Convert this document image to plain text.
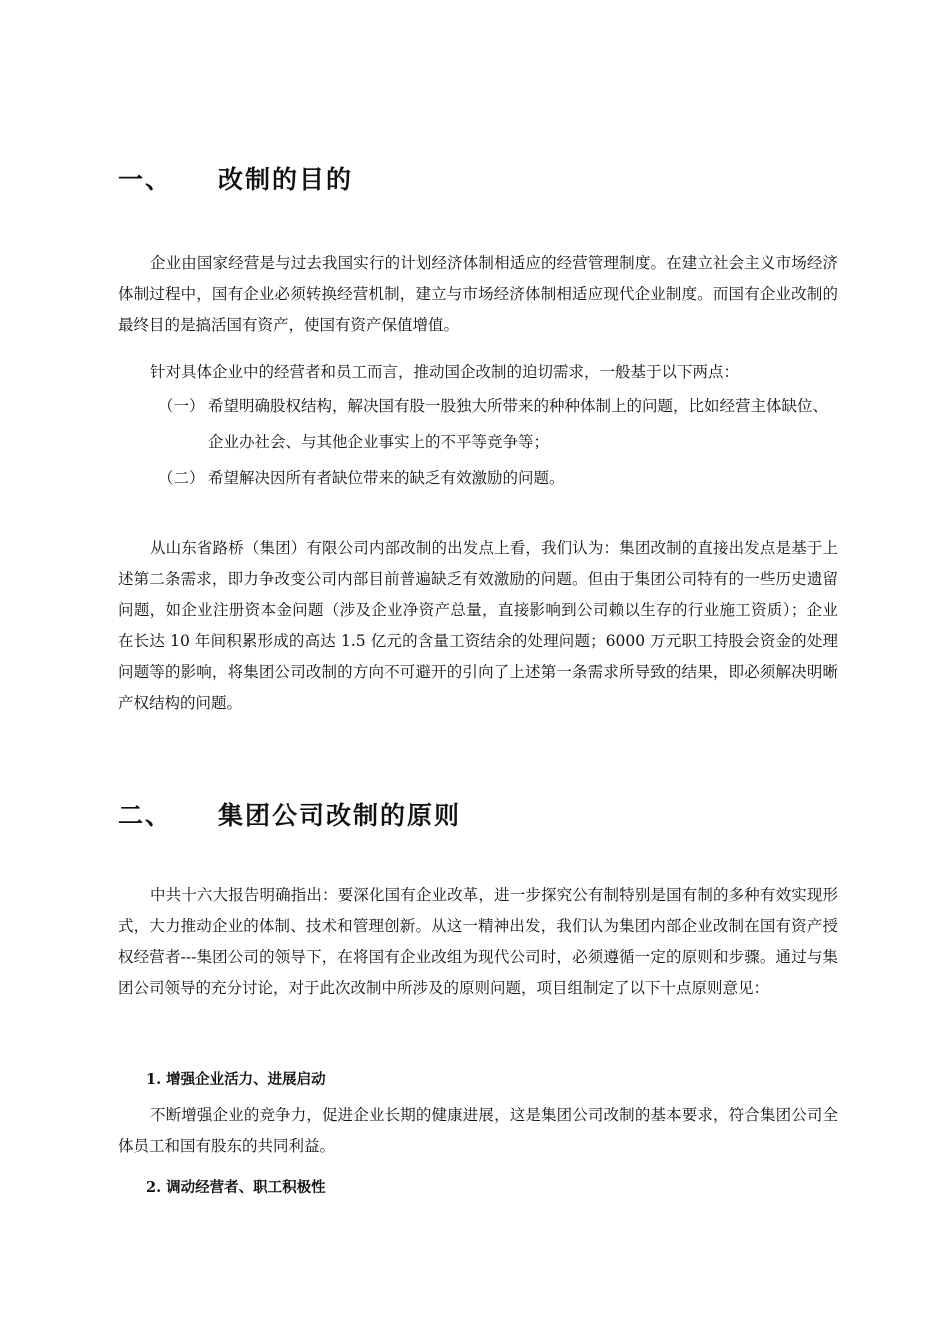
一、 改制的目的

企业由国家经营是与过去我国实行的计划经济体制相适应的经营管理制度。在建立社会主义市场经济体制过程中，国有企业必须转换经营机制，建立与市场经济体制相适应现代企业制度。而国有企业改制的最终目的是搞活国有资产，使国有资产保值增值。

针对具体企业中的经营者和员工而言，推动国企改制的迫切需求，一般基于以下两点：

（一） 希望明确股权结构，解决国有股一股独大所带来的种种体制上的问题，比如经营主体缺位、企业办社会、与其他企业事实上的不平等竞争等；
（二） 希望解决因所有者缺位带来的缺乏有效激励的问题。

从山东省路桥（集团）有限公司内部改制的出发点上看，我们认为：集团改制的直接出发点是基于上述第二条需求，即力争改变公司内部目前普遍缺乏有效激励的问题。但由于集团公司特有的一些历史遗留问题，如企业注册资本金问题（涉及企业净资产总量，直接影响到公司赖以生存的行业施工资质）；企业在长达 10 年间积累形成的高达 1.5 亿元的含量工资结余的处理问题；6000 万元职工持股会资金的处理问题等的影响，将集团公司改制的方向不可避开的引向了上述第一条需求所导致的结果，即必须解决明晰产权结构的问题。

二、 集团公司改制的原则

中共十六大报告明确指出：要深化国有企业改革，进一步探究公有制特别是国有制的多种有效实现形式，大力推动企业的体制、技术和管理创新。从这一精神出发，我们认为集团内部企业改制在国有资产授权经营者---集团公司的领导下，在将国有企业改组为现代公司时，必须遵循一定的原则和步骤。通过与集团公司领导的充分讨论，对于此次改制中所涉及的原则问题，项目组制定了以下十点原则意见：

1. 增强企业活力、进展启动

不断增强企业的竞争力，促进企业长期的健康进展，这是集团公司改制的基本要求，符合集团公司全体员工和国有股东的共同利益。

2. 调动经营者、职工积极性
